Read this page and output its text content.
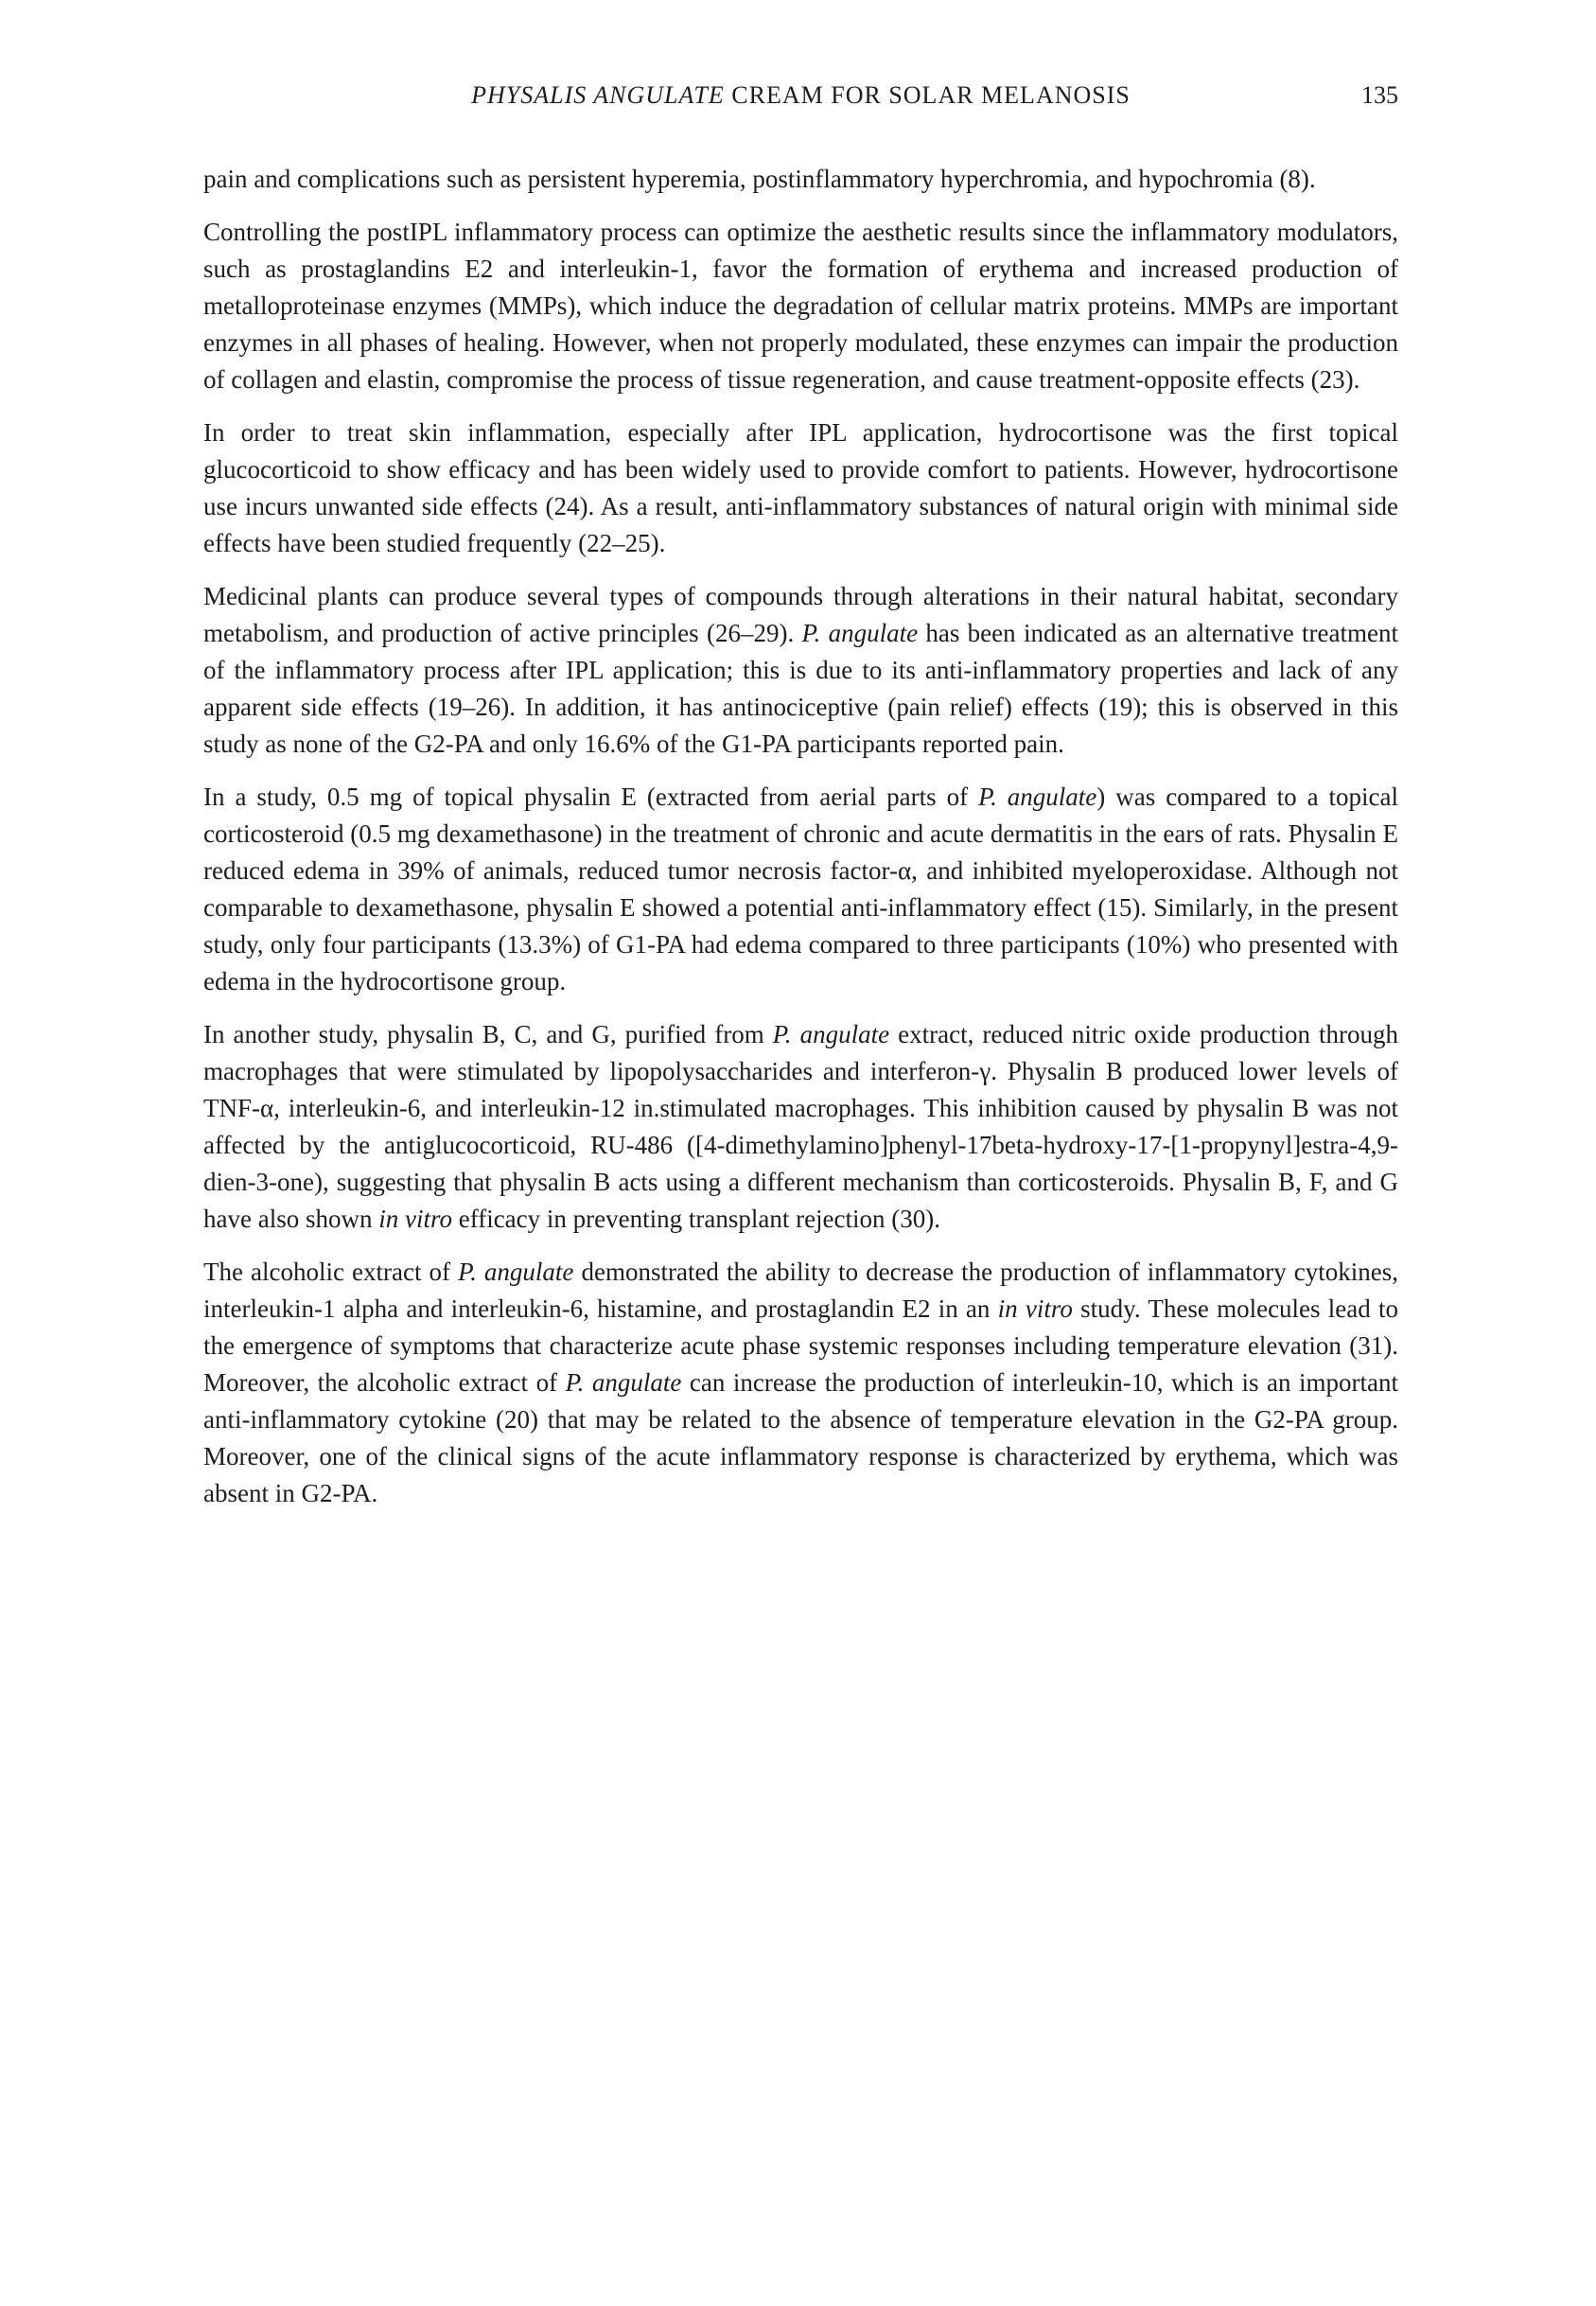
PHYSALIS ANGULATE CREAM FOR SOLAR MELANOSIS	135

pain and complications such as persistent hyperemia, postinflammatory hyperchromia, and hypochromia (8).

Controlling the postIPL inflammatory process can optimize the aesthetic results since the inflammatory modulators, such as prostaglandins E2 and interleukin-1, favor the formation of erythema and increased production of metalloproteinase enzymes (MMPs), which induce the degradation of cellular matrix proteins. MMPs are important enzymes in all phases of healing. However, when not properly modulated, these enzymes can impair the production of collagen and elastin, compromise the process of tissue regeneration, and cause treatment-opposite effects (23).

In order to treat skin inflammation, especially after IPL application, hydrocortisone was the first topical glucocorticoid to show efficacy and has been widely used to provide comfort to patients. However, hydrocortisone use incurs unwanted side effects (24). As a result, anti-inflammatory substances of natural origin with minimal side effects have been studied frequently (22–25).

Medicinal plants can produce several types of compounds through alterations in their natural habitat, secondary metabolism, and production of active principles (26–29). P. angulate has been indicated as an alternative treatment of the inflammatory process after IPL application; this is due to its anti-inflammatory properties and lack of any apparent side effects (19–26). In addition, it has antinociceptive (pain relief) effects (19); this is observed in this study as none of the G2-PA and only 16.6% of the G1-PA participants reported pain.

In a study, 0.5 mg of topical physalin E (extracted from aerial parts of P. angulate) was compared to a topical corticosteroid (0.5 mg dexamethasone) in the treatment of chronic and acute dermatitis in the ears of rats. Physalin E reduced edema in 39% of animals, reduced tumor necrosis factor-α, and inhibited myeloperoxidase. Although not comparable to dexamethasone, physalin E showed a potential anti-inflammatory effect (15). Similarly, in the present study, only four participants (13.3%) of G1-PA had edema compared to three participants (10%) who presented with edema in the hydrocortisone group.

In another study, physalin B, C, and G, purified from P. angulate extract, reduced nitric oxide production through macrophages that were stimulated by lipopolysaccharides and interferon-γ. Physalin B produced lower levels of TNF-α, interleukin-6, and interleukin-12 in.stimulated macrophages. This inhibition caused by physalin B was not affected by the antiglucocorticoid, RU-486 ([4-dimethylamino]phenyl-17beta-hydroxy-17-[1-propynyl]estra-4,9-dien-3-one), suggesting that physalin B acts using a different mechanism than corticosteroids. Physalin B, F, and G have also shown in vitro efficacy in preventing transplant rejection (30).

The alcoholic extract of P. angulate demonstrated the ability to decrease the production of inflammatory cytokines, interleukin-1 alpha and interleukin-6, histamine, and prostaglandin E2 in an in vitro study. These molecules lead to the emergence of symptoms that characterize acute phase systemic responses including temperature elevation (31). Moreover, the alcoholic extract of P. angulate can increase the production of interleukin-10, which is an important anti-inflammatory cytokine (20) that may be related to the absence of temperature elevation in the G2-PA group. Moreover, one of the clinical signs of the acute inflammatory response is characterized by erythema, which was absent in G2-PA.
